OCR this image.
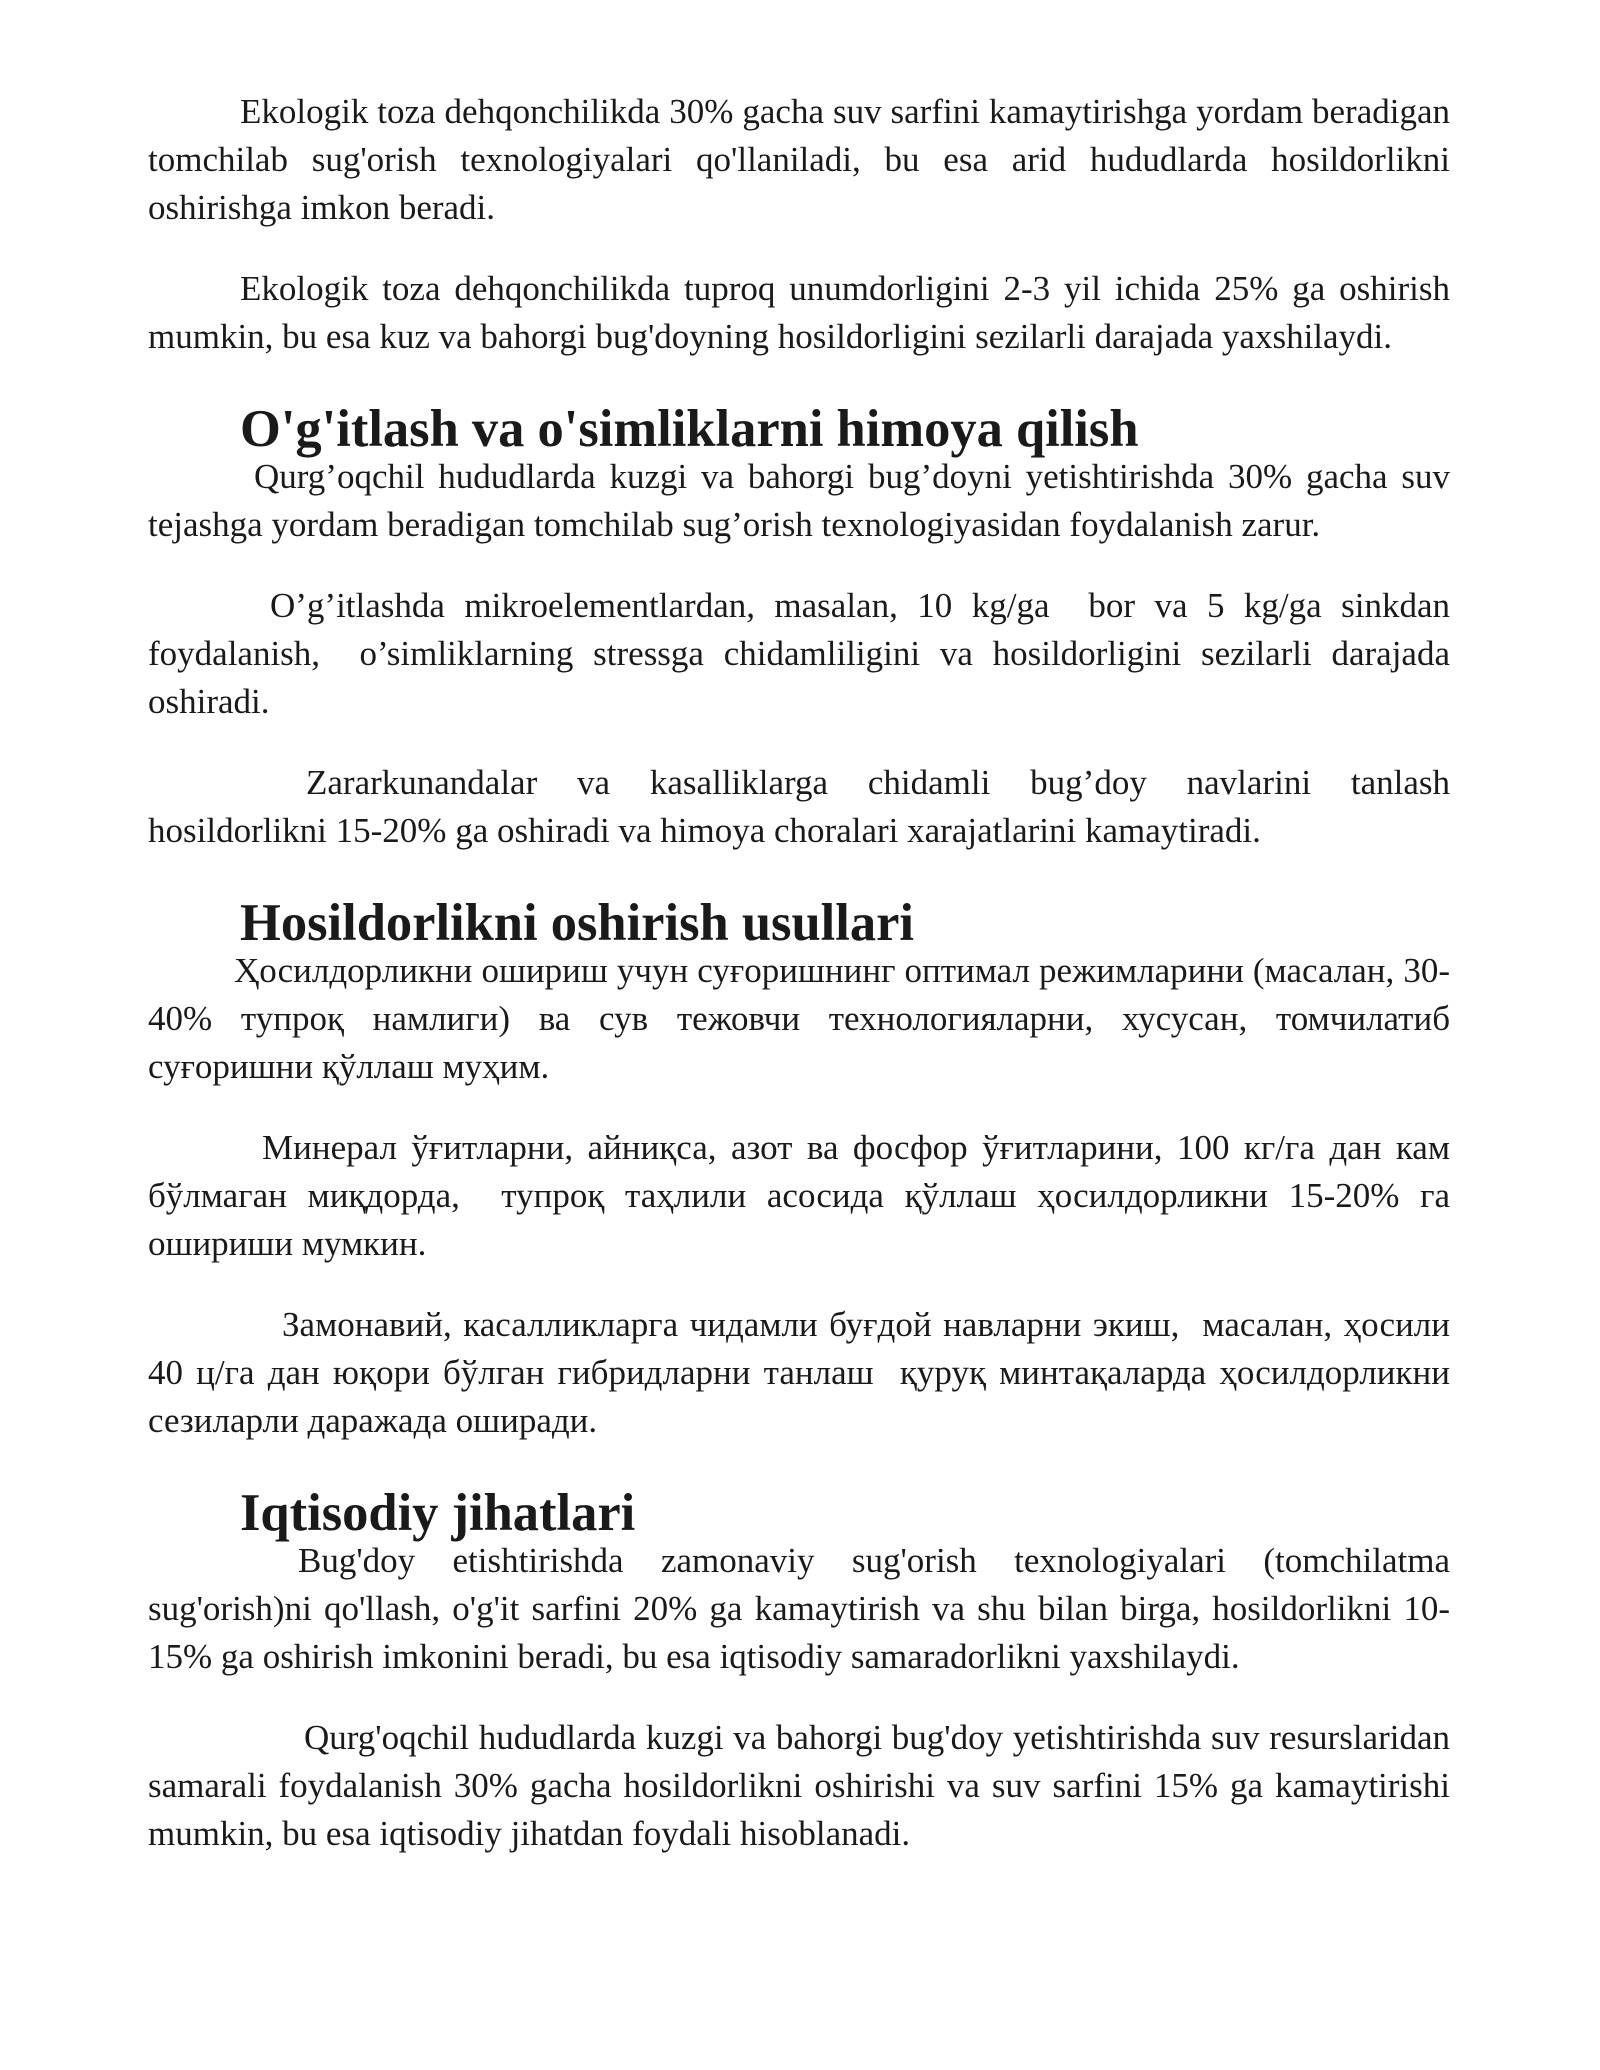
Ekologik toza dehqonchilikda 30% gacha suv sarfini kamaytirishga yordam beradigan tomchilab sug'orish texnologiyalari qo'llaniladi, bu esa arid hududlarda hosildorlikni oshirishga imkon beradi.

Ekologik toza dehqonchilikda tuproq unumdorligini 2-3 yil ichida 25% ga oshirish mumkin, bu esa kuz va bahorgi bug'doyning hosildorligini sezilarli darajada yaxshilaydi.

O'g'itlash va o'simliklarni himoya qilish

Qurg’oqchil hududlarda kuzgi va bahorgi bug’doyni yetishtirishda 30% gacha suv tejashga yordam beradigan tomchilab sug’orish texnologiyasidan foydalanish zarur.

O’g’itlashda mikroelementlardan, masalan, 10 kg/ga  bor va 5 kg/ga sinkdan foydalanish,  o’simliklarning stressga chidamliligini va hosildorligini sezilarli darajada oshiradi.

Zararkunandalar va kasalliklarga chidamli bug’doy navlarini tanlash hosildorlikni 15-20% ga oshiradi va himoya choralari xarajatlarini kamaytiradi.

Hosildorlikni oshirish usullari

Ҳосилдорликни ошириш учун суғоришнинг оптимал режимларини (масалан, 30-40% тупроқ намлиги) ва сув тежовчи технологияларни, хусусан, томчилатиб суғоришни қўллаш муҳим.

Минерал ўғитларни, айниқса, азот ва фосфор ўғитларини, 100 кг/га дан кам бўлмаган миқдорда,  тупроқ таҳлили асосида қўллаш ҳосилдорликни 15-20% га ошириши мумкин.

Замонавий, касалликларга чидамли буғдой навларни экиш,  масалан, ҳосили 40 ц/га дан юқори бўлган гибридларни танлаш  қуруқ минтақаларда ҳосилдорликни сезиларли даражада оширади.

Iqtisodiy jihatlari

Bug'doy etishtirishda zamonaviy sug'orish texnologiyalari (tomchilatma sug'orish)ni qo'llash, o'g'it sarfini 20% ga kamaytirish va shu bilan birga, hosildorlikni 10-15% ga oshirish imkonini beradi, bu esa iqtisodiy samaradorlikni yaxshilaydi.

Qurg'oqchil hududlarda kuzgi va bahorgi bug'doy yetishtirishda suv resurslaridan samarali foydalanish 30% gacha hosildorlikni oshirishi va suv sarfini 15% ga kamaytirishi mumkin, bu esa iqtisodiy jihatdan foydali hisoblanadi.
